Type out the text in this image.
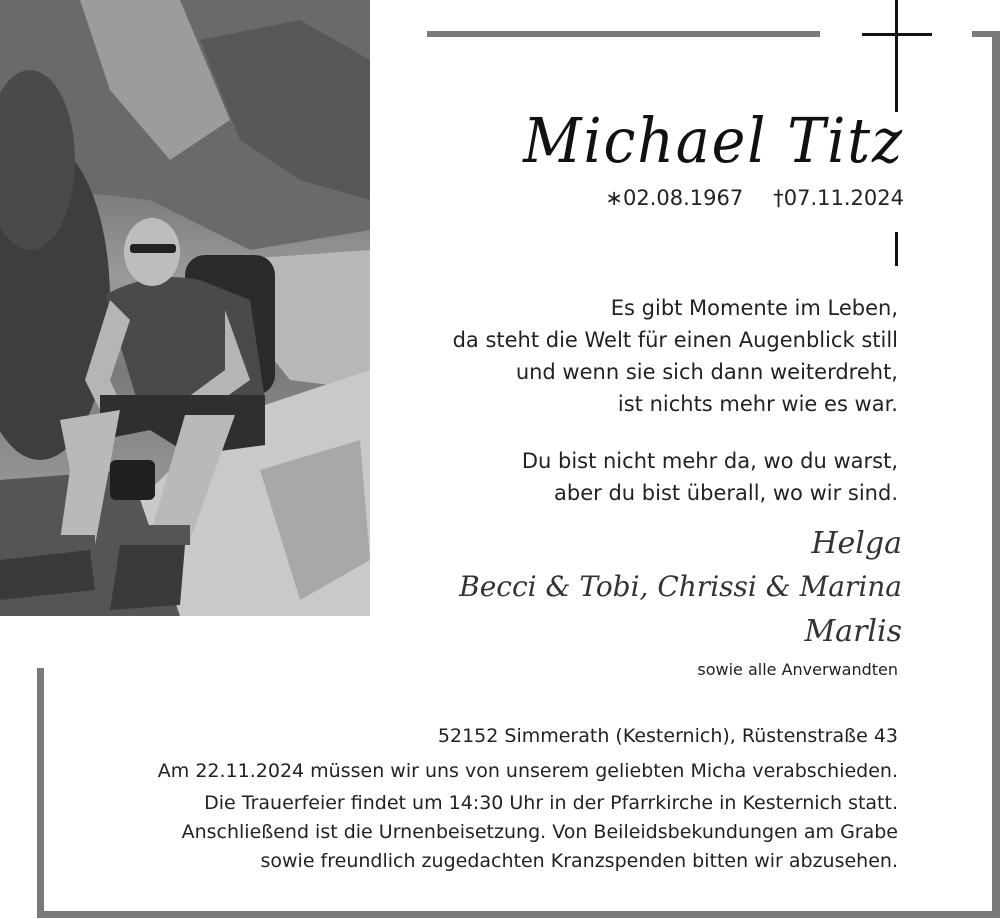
Michael Titz
∗02.08.1967 †07.11.2024
Es gibt Momente im Leben,
da steht die Welt für einen Augenblick still
und wenn sie sich dann weiterdreht,
ist nichts mehr wie es war.
Du bist nicht mehr da, wo du warst,
aber du bist überall, wo wir sind.
Helga
Becci & Tobi, Chrissi & Marina
Marlis
sowie alle Anverwandten
52152 Simmerath (Kesternich), Rüstenstraße 43
Am 22.11.2024 müssen wir uns von unserem geliebten Micha verabschieden.
Die Trauerfeier findet um 14:30 Uhr in der Pfarrkirche in Kesternich statt.
Anschließend ist die Urnenbeisetzung. Von Beileidsbekundungen am Grabe
sowie freundlich zugedachten Kranzspenden bitten wir abzusehen.
